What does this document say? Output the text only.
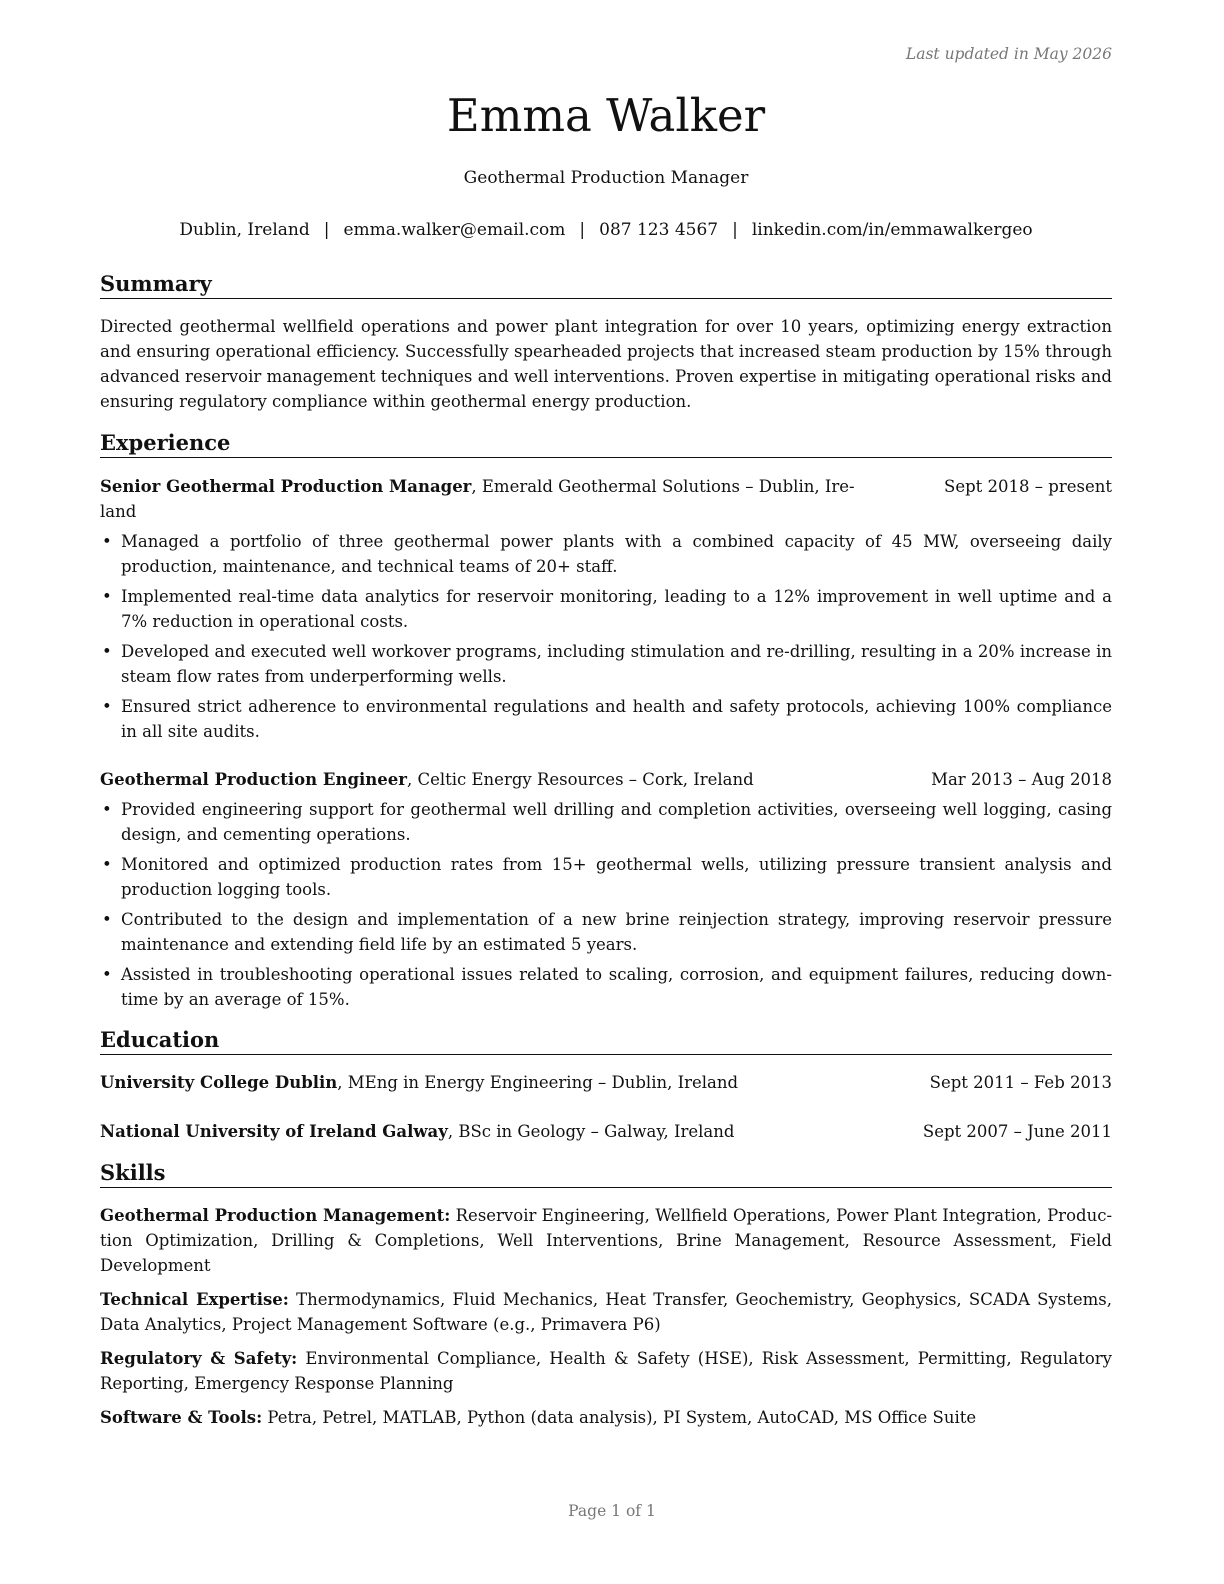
Last updated in May 2026
Emma Walker
Geothermal Production Manager
Dublin, Ireland | emma.walker@email.com | 087 123 4567 | linkedin.com/in/emmawalkergeo
Summary

Directed geothermal wellfield operations and power plant integration for over 10 years, optimizing energy extraction and ensuring operational efficiency. Successfully spearheaded projects that increased steam production by 15% through advanced reservoir management techniques and well interventions. Proven expertise in mitigating operational risks and ensuring regulatory compliance within geothermal energy production.

Experience
Senior Geothermal Production Manager, Emerald Geothermal Solutions – Dublin, Ire-land
Sept 2018 – present
• Managed a portfolio of three geothermal power plants with a combined capacity of 45 MW, overseeing daily production, maintenance, and technical teams of 20+ staff.
• Implemented real-time data analytics for reservoir monitoring, leading to a 12% improvement in well uptime and a 7% reduction in operational costs.
• Developed and executed well workover programs, including stimulation and re-drilling, resulting in a 20% increase in steam flow rates from underperforming wells.
• Ensured strict adherence to environmental regulations and health and safety protocols, achieving 100% compliance in all site audits.
Geothermal Production Engineer, Celtic Energy Resources – Cork, Ireland	Mar 2013 – Aug 2018
• Provided engineering support for geothermal well drilling and completion activities, overseeing well logging, casing design, and cementing operations.
• Monitored and optimized production rates from 15+ geothermal wells, utilizing pressure transient analysis and production logging tools.
• Contributed to the design and implementation of a new brine reinjection strategy, improving reservoir pressure maintenance and extending field life by an estimated 5 years.
• Assisted in troubleshooting operational issues related to scaling, corrosion, and equipment failures, reducing down-time by an average of 15%.
Education
University College Dublin, MEng in Energy Engineering – Dublin, Ireland	Sept 2011 – Feb 2013
National University of Ireland Galway, BSc in Geology – Galway, Ireland	Sept 2007 – June 2011
Skills

Geothermal Production Management: Reservoir Engineering, Wellfield Operations, Power Plant Integration, Produc-tion Optimization, Drilling & Completions, Well Interventions, Brine Management, Resource Assessment, Field Development

Technical Expertise: Thermodynamics, Fluid Mechanics, Heat Transfer, Geochemistry, Geophysics, SCADA Systems, Data Analytics, Project Management Software (e.g., Primavera P6)

Regulatory & Safety: Environmental Compliance, Health & Safety (HSE), Risk Assessment, Permitting, Regulatory Reporting, Emergency Response Planning

Software & Tools: Petra, Petrel, MATLAB, Python (data analysis), PI System, AutoCAD, MS Office Suite

Page 1 of 1
